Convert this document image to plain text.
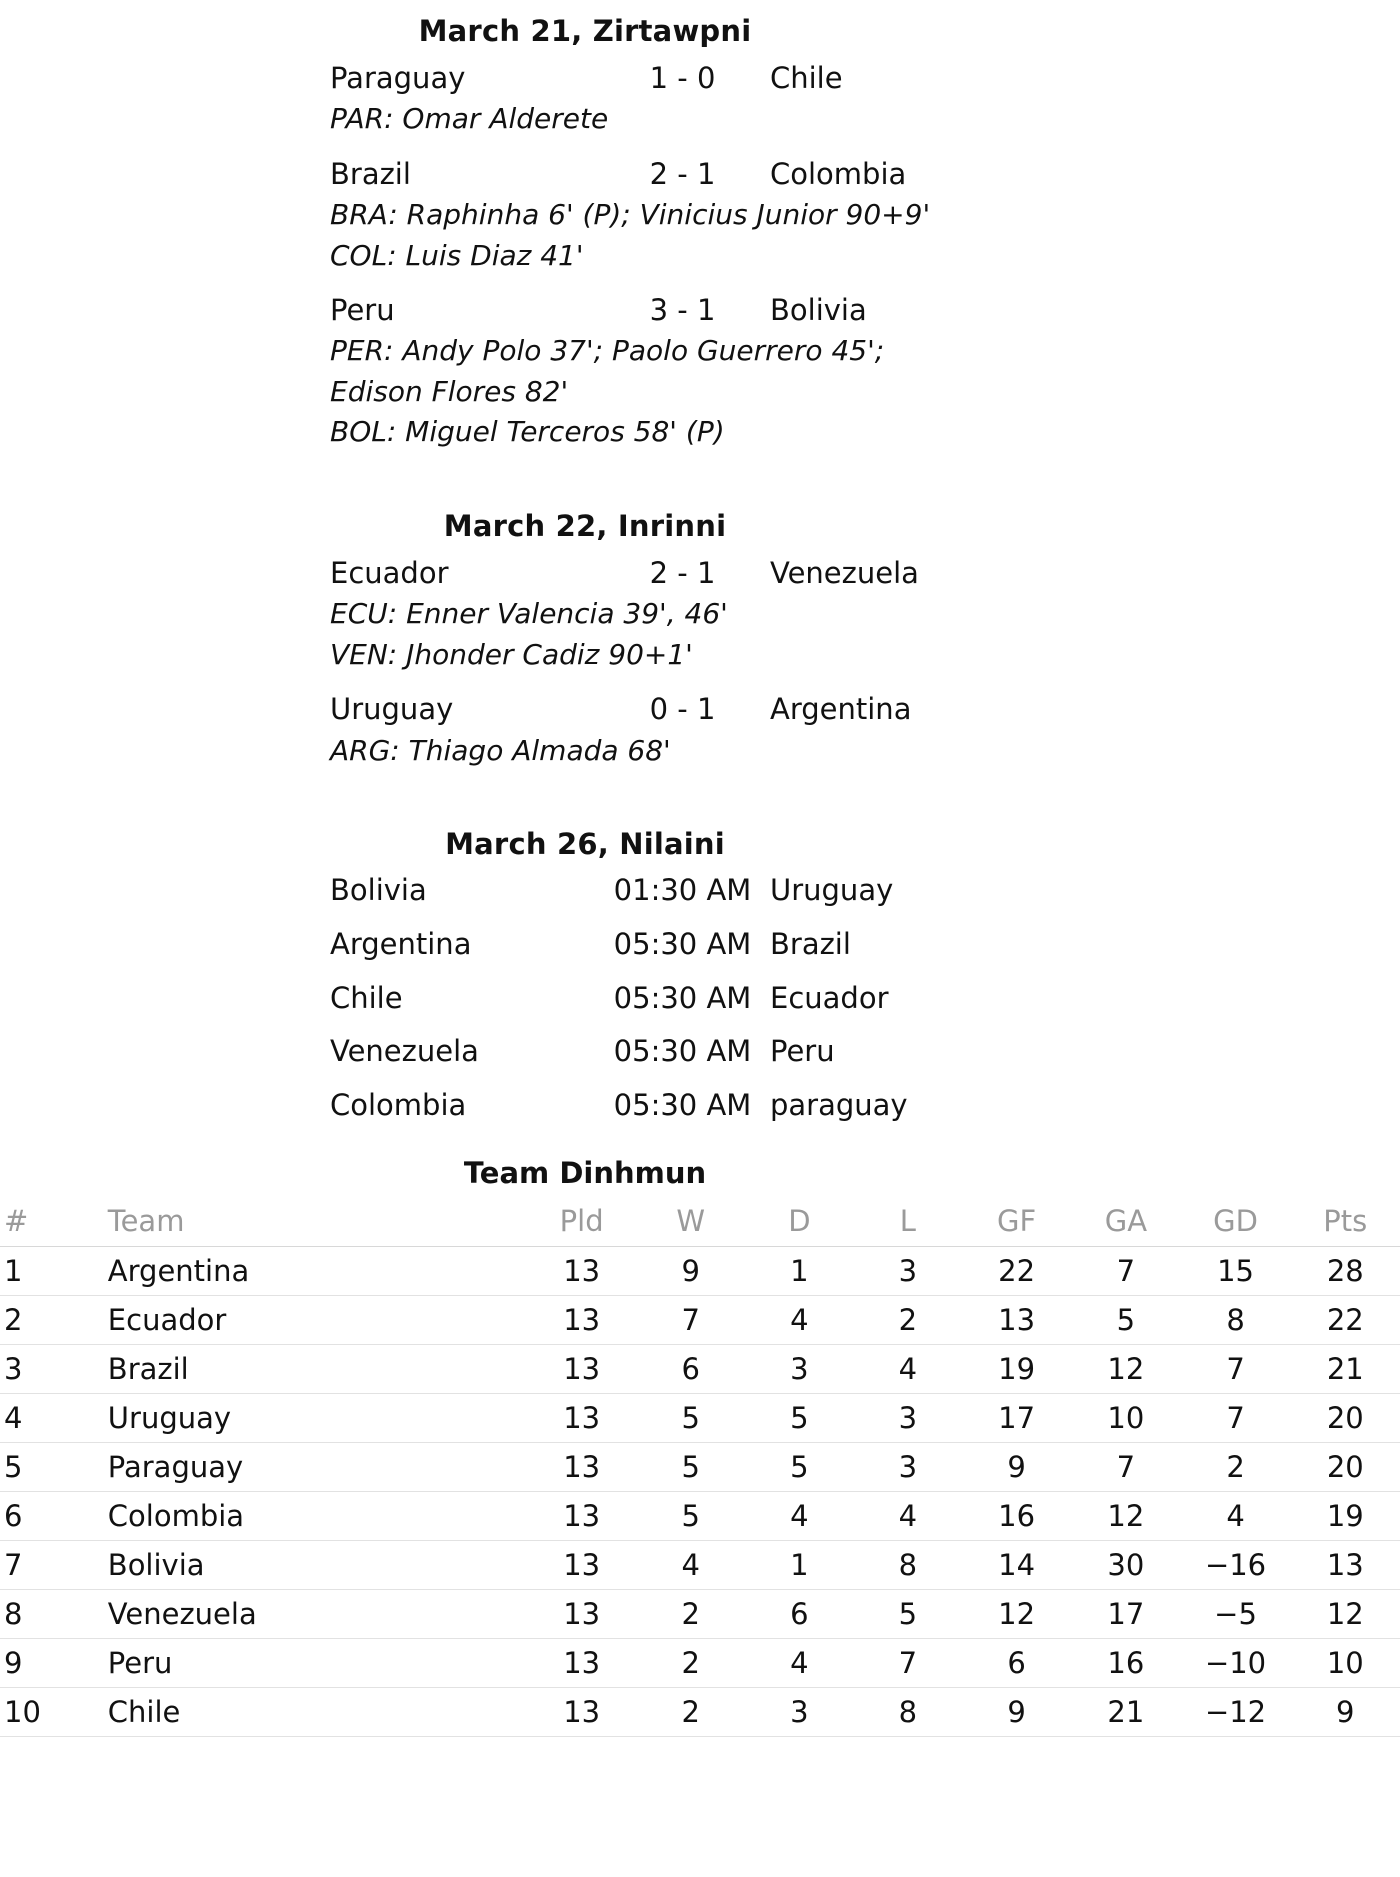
March 21, Zirtawpni
Paraguay	1 - 0	Chile
PAR: Omar Alderete
Brazil	2 - 1	Colombia
BRA: Raphinha 6' (P); Vinicius Junior 90+9'
COL: Luis Diaz 41'
Peru	3 - 1	Bolivia
PER: Andy Polo 37'; Paolo Guerrero 45';
Edison Flores 82'
BOL: Miguel Terceros 58' (P)
March 22, Inrinni
Ecuador	2 - 1	Venezuela
ECU: Enner Valencia 39', 46'
VEN: Jhonder Cadiz 90+1'
Uruguay	0 - 1	Argentina
ARG: Thiago Almada 68'
March 26, Nilaini
Bolivia	01:30 AM Uruguay
Argentina	05:30 AM Brazil
Chile	05:30 AM Ecuador
Venezuela	05:30 AM Peru
Colombia	05:30 AM paraguay
Team Dinhmun
#	Team	Pld	W	D	L	GF	GA	GD	Pts
1	Argentina	13	9	1	3	22	7	15	28
2	Ecuador	13	7	4	2	13	5	8	22
3	Brazil	13	6	3	4	19	12	7	21
4	Uruguay	13	5	5	3	17	10	7	20
5	Paraguay	13	5	5	3	9	7	2	20
6	Colombia	13	5	4	4	16	12	4	19
7	Bolivia	13	4	1	8	14	30	−16	13
8	Venezuela	13	2	6	5	12	17	−5	12
9	Peru	13	2	4	7	6	16	−10	10
10	Chile	13	2	3	8	9	21	−12	9
